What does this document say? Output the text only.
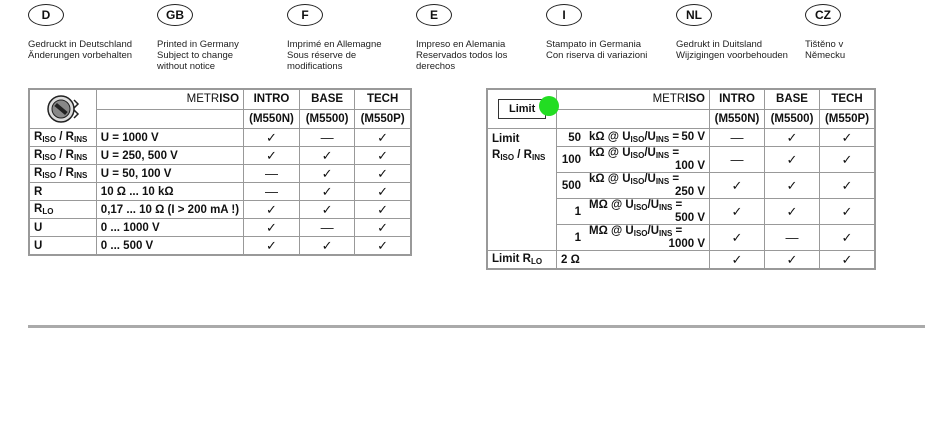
D
Gedruckt in Deutschland
Änderungen vorbehalten
GB
Printed in Germany
Subject to change
without notice
F
Imprimé en Allemagne
Sous réserve de
modifications
E
Impreso en Alemania
Reservados todos los
derechos
I
Stampato in Germania
Con riserva di variazioni
NL
Gedrukt in Duitsland
Wijzigingen voorbehouden
CZ
Tištěno v
Německu
	METRISO	INTRO	BASE	TECH
		(M550N)	(M5500)	(M550P)
$R_{ISO} / R_{INS}$	U = 1000 V	✓	—	✓
$R_{ISO} / R_{INS}$	U = 250, 500 V	✓	✓	✓
$R_{ISO} / R_{INS}$	U = 50, 100 V	—	✓	✓
R	10 Ω ... 10 kΩ	—	✓	✓
$R_{LO}$	0,17 ... 10 Ω (I > 200 mA !)	✓	✓	✓
U	0 ... 1000 V	✓	—	✓
U	0 ... 500 V	✓	✓	✓
Limit	METRISO		INTRO	BASE	TECH
			(M550N)	(M5500)	(M550P)
Limit
$R_{ISO} / R_{INS}$	50	kΩ @ $U_{ISO}/U_{INS} = 50$ V	—	✓	✓
	100	kΩ @ $U_{ISO}/U_{INS}$ =
100 V	—	✓	✓
	500	kΩ @ $U_{ISO}/U_{INS}$ =
250 V	✓	✓	✓
	1	MΩ @ $U_{ISO}/U_{INS}$ =
500 V	✓	✓	✓
	1	MΩ @ $U_{ISO}/U_{INS}$ =
1000 V	✓	—	✓
Limit $R_{LO}$	2 Ω		✓	✓	✓
